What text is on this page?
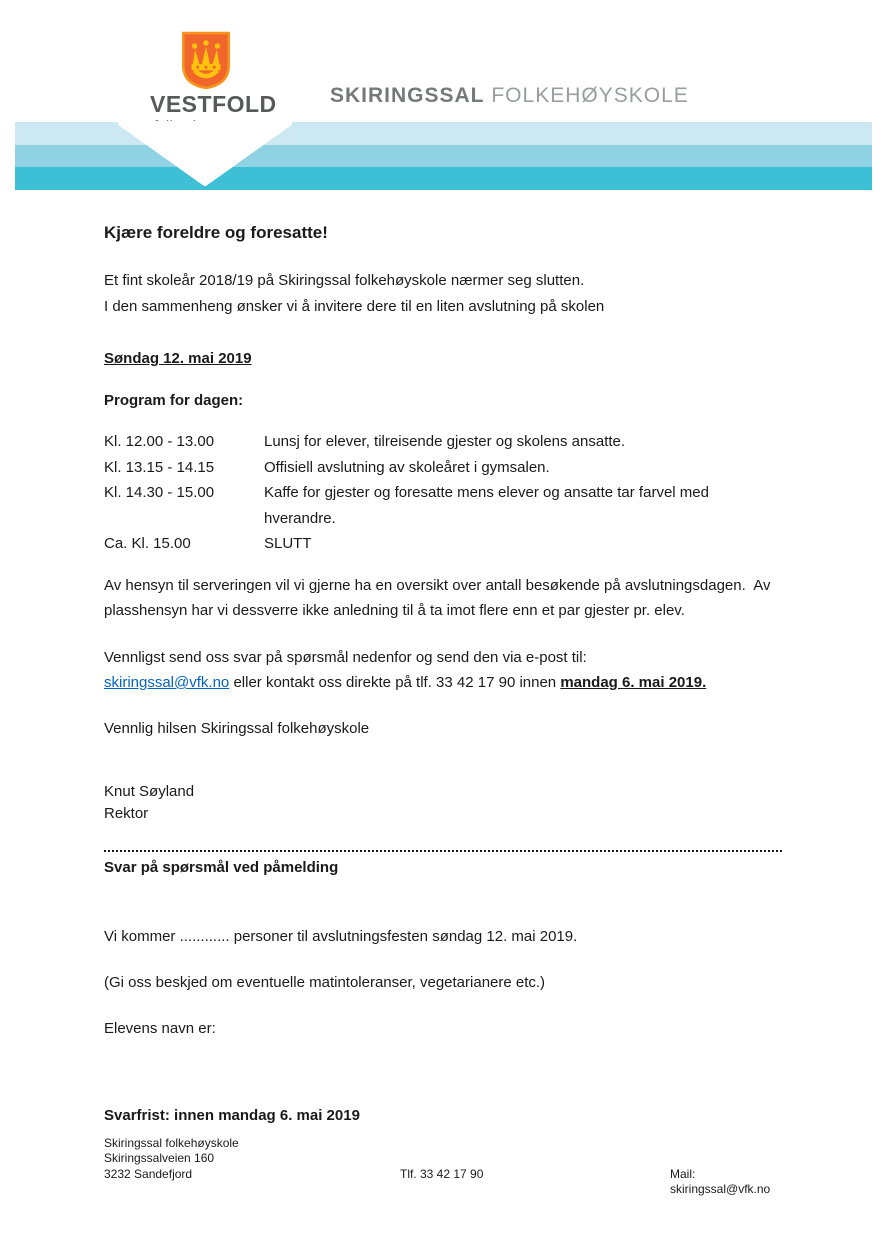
VESTFOLD	SKIRINGSSAL FOLKEHØYSKOLE
Kjære foreldre og foresatte!
Et fint skoleår 2018/19 på Skiringssal folkehøyskole nærmer seg slutten.
I den sammenheng ønsker vi å invitere dere til en liten avslutning på skolen
Søndag 12. mai 2019
Program for dagen:
Kl. 12.00 - 13.00	Lunsj for elever, tilreisende gjester og skolens ansatte.
Kl. 13.15 - 14.15	Offisiell avslutning av skoleåret i gymsalen.
Kl. 14.30 - 15.00	Kaffe for gjester og foresatte mens elever og ansatte tar farvel med hverandre.
Ca. Kl. 15.00	SLUTT
Av hensyn til serveringen vil vi gjerne ha en oversikt over antall besøkende på avslutningsdagen.  Av plasshensyn har vi dessverre ikke anledning til å ta imot flere enn et par gjester pr. elev.
Vennligst send oss svar på spørsmål nedenfor og send den via e-post til:
skiringssal@vfk.no eller kontakt oss direkte på tlf. 33 42 17 90 innen mandag 6. mai 2019.
Vennlig hilsen Skiringssal folkehøyskole
Knut Søyland
Rektor
Svar på spørsmål ved påmelding
Vi kommer ............ personer til avslutningsfesten søndag 12. mai 2019.
(Gi oss beskjed om eventuelle matintoleranser, vegetarianere etc.)
Elevens navn er:
Svarfrist: innen mandag 6. mai 2019
Skiringssal folkehøyskole
Skiringssalveien 160
3232 Sandefjord	Tlf. 33 42 17 90	Mail: skiringssal@vfk.no
